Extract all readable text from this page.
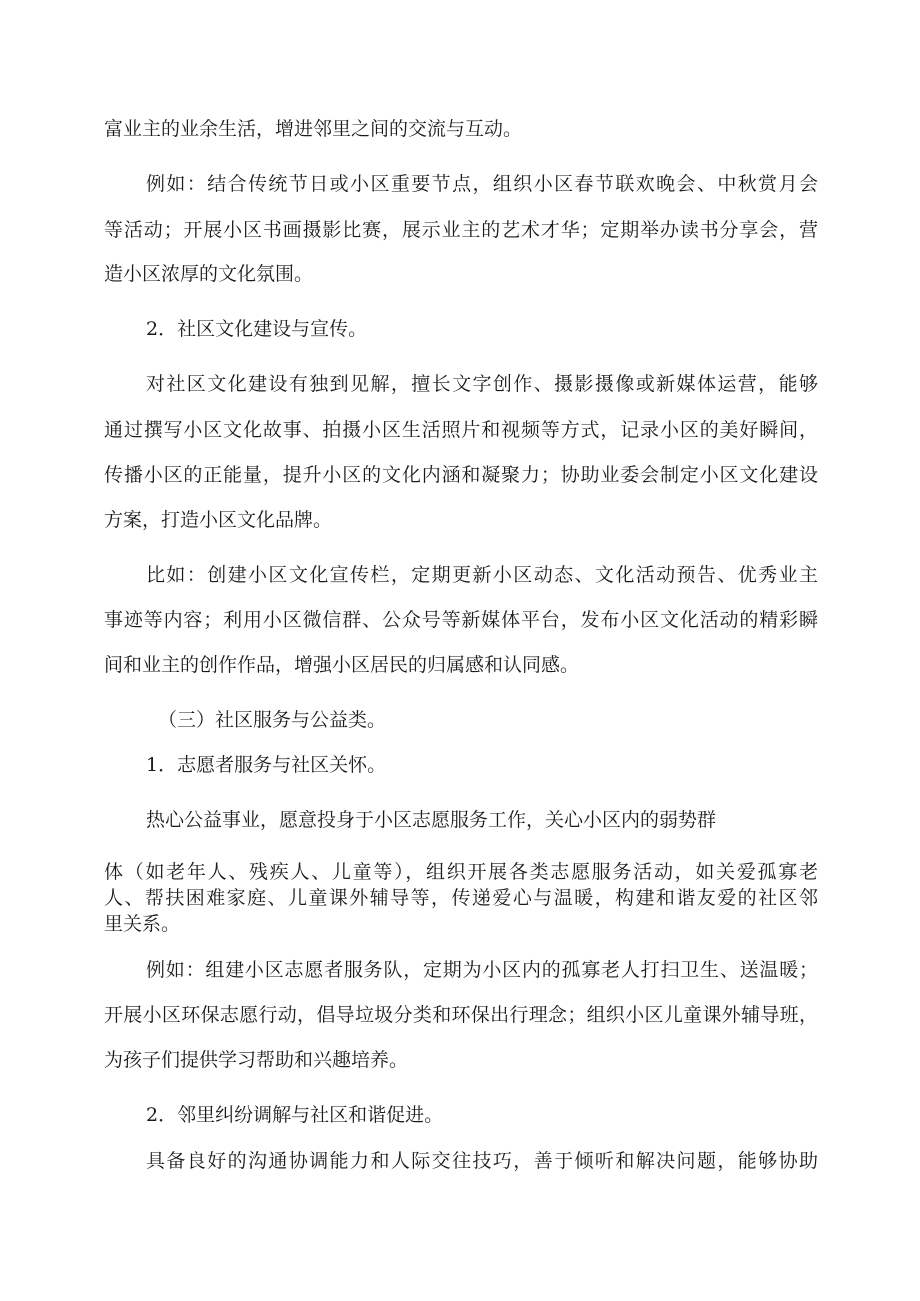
富业主的业余生活，增进邻里之间的交流与互动。
例如：结合传统节日或小区重要节点，组织小区春节联欢晚会、中秋赏月会
等活动；开展小区书画摄影比赛，展示业主的艺术才华；定期举办读书分享会，营
造小区浓厚的文化氛围。
2．社区文化建设与宣传。
对社区文化建设有独到见解，擅长文字创作、摄影摄像或新媒体运营，能够
通过撰写小区文化故事、拍摄小区生活照片和视频等方式，记录小区的美好瞬间，
传播小区的正能量，提升小区的文化内涵和凝聚力；协助业委会制定小区文化建设
方案，打造小区文化品牌。
比如：创建小区文化宣传栏，定期更新小区动态、文化活动预告、优秀业主
事迹等内容；利用小区微信群、公众号等新媒体平台，发布小区文化活动的精彩瞬
间和业主的创作作品，增强小区居民的归属感和认同感。
（三）社区服务与公益类。
1．志愿者服务与社区关怀。
热心公益事业，愿意投身于小区志愿服务工作，关心小区内的弱势群
体（如老年人、残疾人、儿童等），组织开展各类志愿服务活动，如关爱孤寡老
人、帮扶困难家庭、儿童课外辅导等，传递爱心与温暖，构建和谐友爱的社区邻
里关系。
例如：组建小区志愿者服务队，定期为小区内的孤寡老人打扫卫生、送温暖；
开展小区环保志愿行动，倡导垃圾分类和环保出行理念；组织小区儿童课外辅导班，
为孩子们提供学习帮助和兴趣培养。
2．邻里纠纷调解与社区和谐促进。
具备良好的沟通协调能力和人际交往技巧，善于倾听和解决问题，能够协助
